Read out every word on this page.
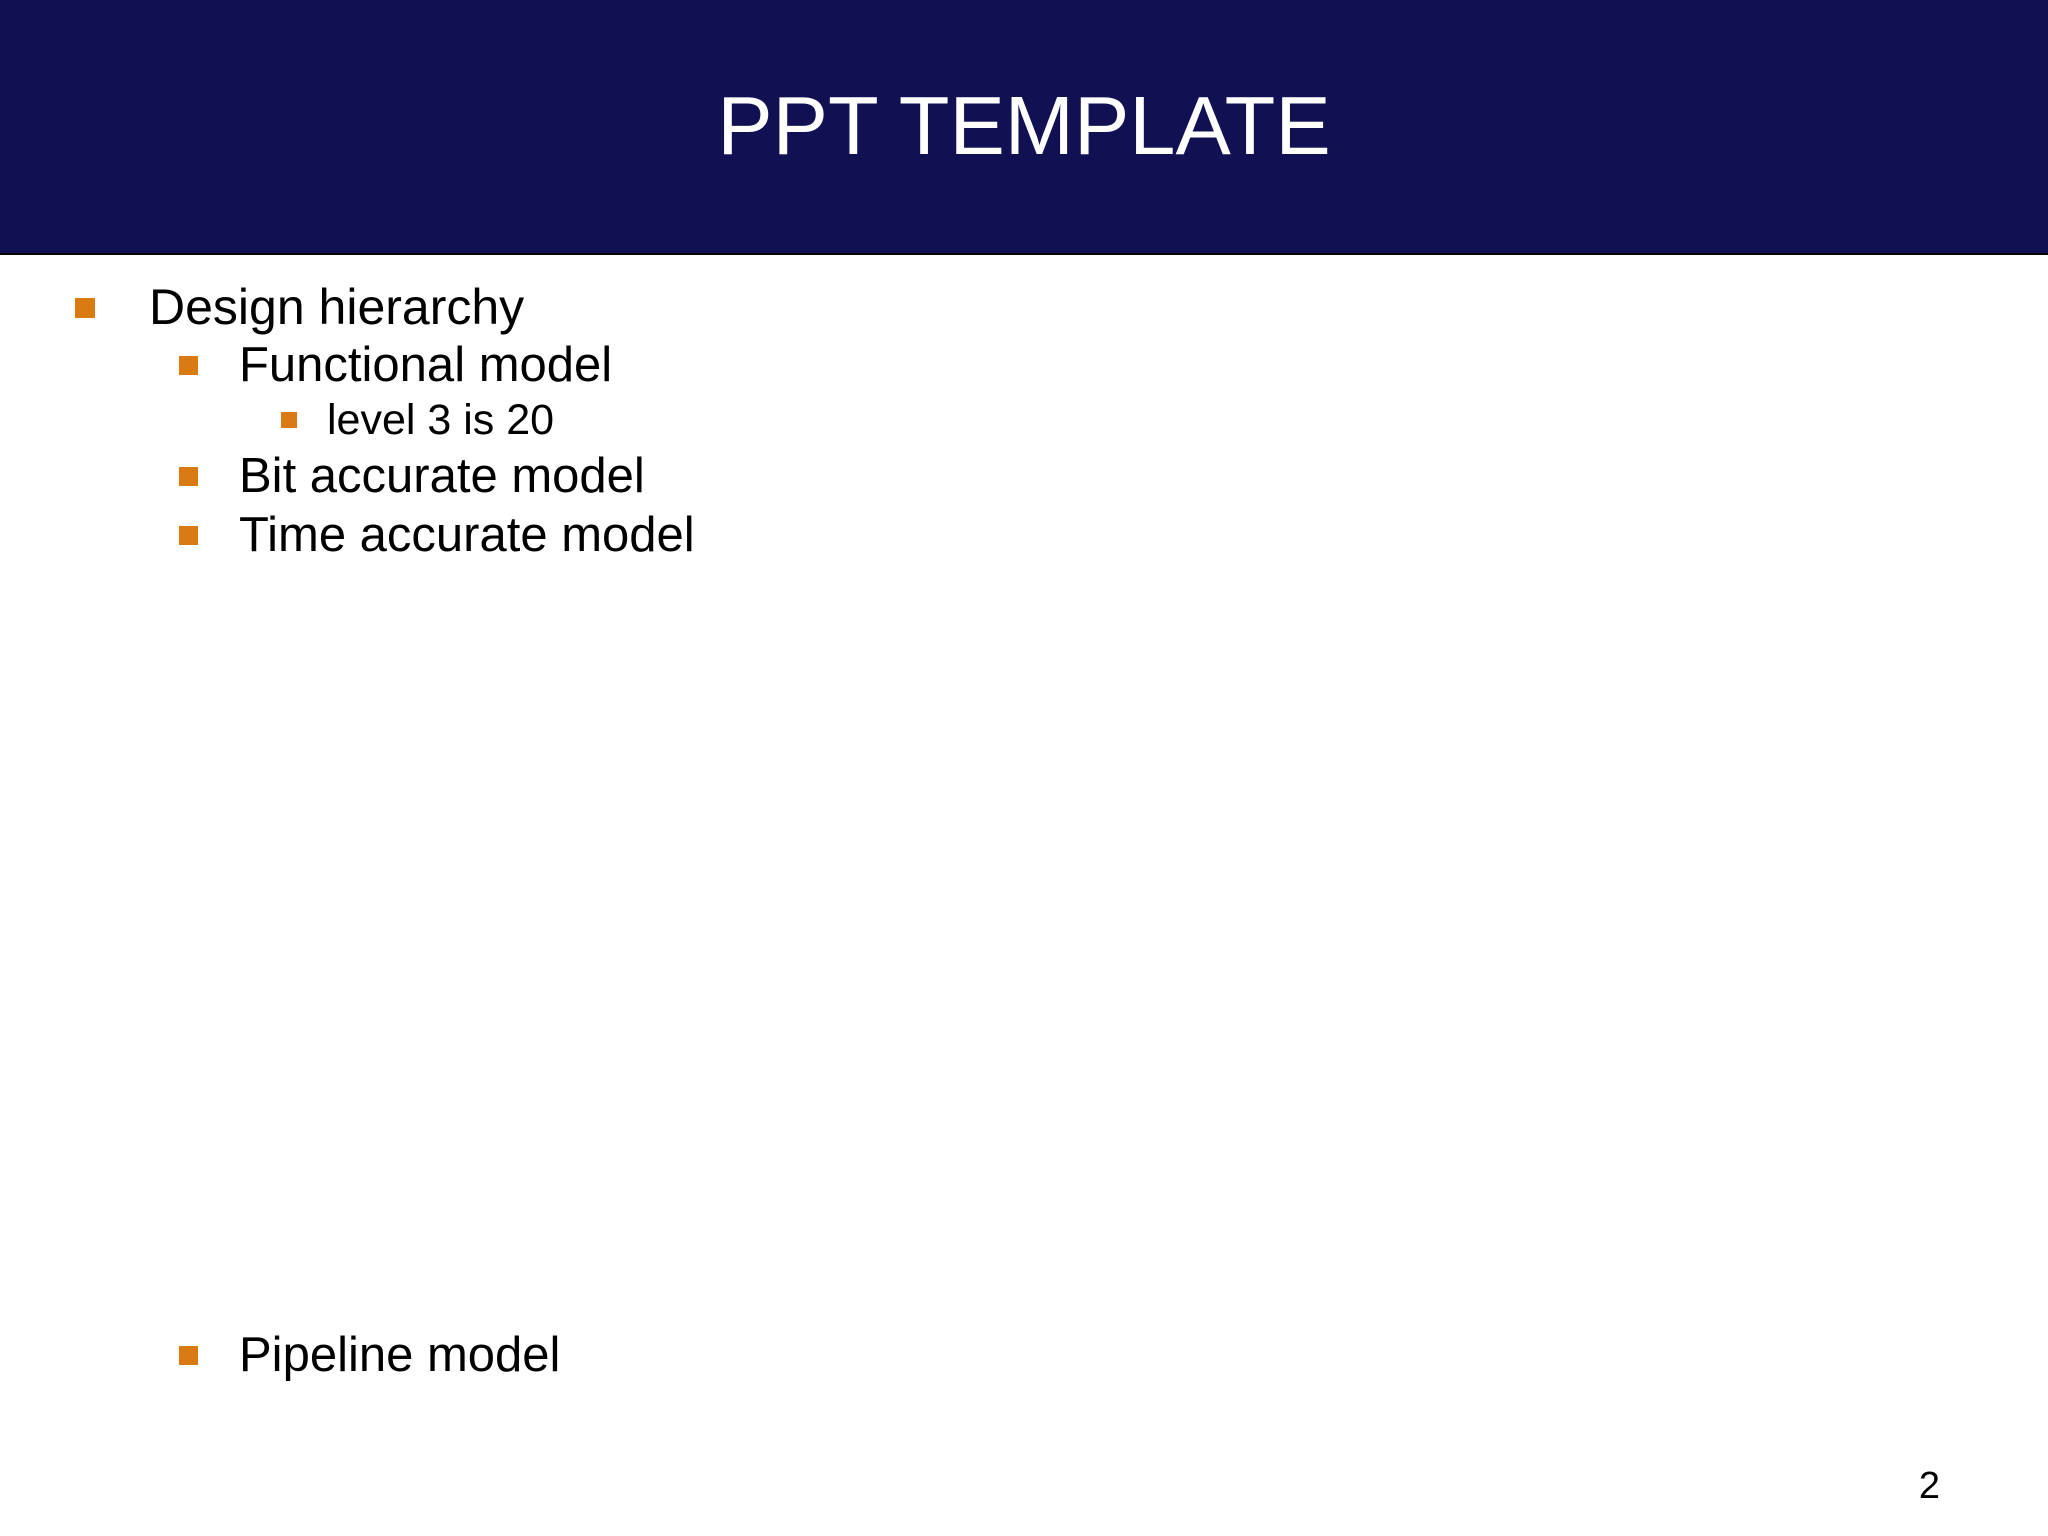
PPT TEMPLATE
Design hierarchy
Functional model
level 3 is 20
Bit accurate model
Time accurate model
Pipeline model
2
